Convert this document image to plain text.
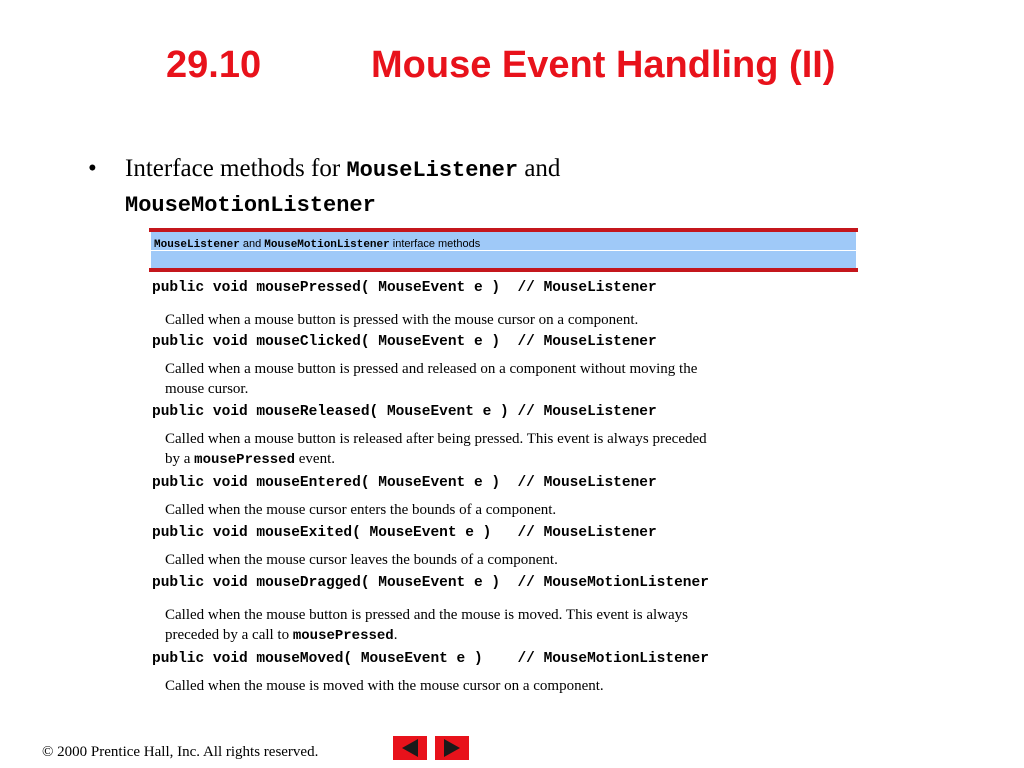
29.10	Mouse Event Handling (II)
• Interface methods for MouseListener and
MouseMotionListener
MouseListener and MouseMotionListener interface methods
public void mousePressed( MouseEvent e )  // MouseListener
Called when a mouse button is pressed with the mouse cursor on a component.
public void mouseClicked( MouseEvent e )  // MouseListener
Called when a mouse button is pressed and released on a component without moving the
mouse cursor.
public void mouseReleased( MouseEvent e ) // MouseListener
Called when a mouse button is released after being pressed. This event is always preceded
by a mousePressed event.
public void mouseEntered( MouseEvent e )  // MouseListener
Called when the mouse cursor enters the bounds of a component.
public void mouseExited( MouseEvent e )   // MouseListener
Called when the mouse cursor leaves the bounds of a component.
public void mouseDragged( MouseEvent e )  // MouseMotionListener
Called when the mouse button is pressed and the mouse is moved. This event is always
preceded by a call to mousePressed.
public void mouseMoved( MouseEvent e )    // MouseMotionListener
Called when the mouse is moved with the mouse cursor on a component.
© 2000 Prentice Hall, Inc. All rights reserved.
